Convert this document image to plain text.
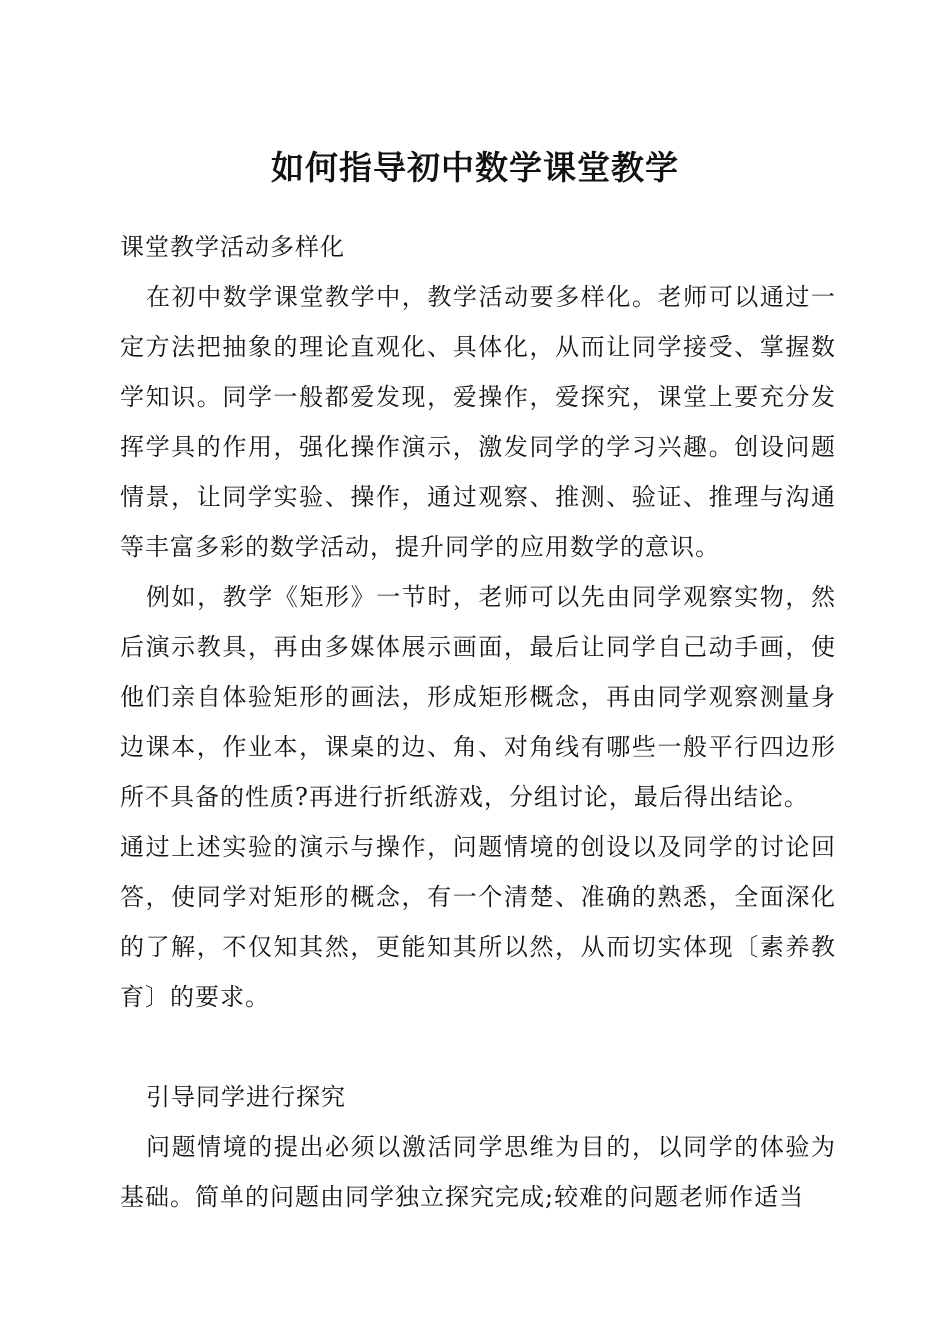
如何指导初中数学课堂教学

课堂教学活动多样化

在初中数学课堂教学中，教学活动要多样化。老师可以通过一定方法把抽象的理论直观化、具体化，从而让同学接受、掌握数学知识。同学一般都爱发现，爱操作，爱探究，课堂上要充分发挥学具的作用，强化操作演示，激发同学的学习兴趣。创设问题情景，让同学实验、操作，通过观察、推测、验证、推理与沟通等丰富多彩的数学活动，提升同学的应用数学的意识。

例如，教学《矩形》一节时，老师可以先由同学观察实物，然后演示教具，再由多媒体展示画面，最后让同学自己动手画，使他们亲自体验矩形的画法，形成矩形概念，再由同学观察测量身边课本，作业本，课桌的边、角、对角线有哪些一般平行四边形所不具备的性质?再进行折纸游戏，分组讨论，最后得出结论。

通过上述实验的演示与操作，问题情境的创设以及同学的讨论回答，使同学对矩形的概念，有一个清楚、准确的熟悉，全面深化的了解，不仅知其然，更能知其所以然，从而切实体现〔素养教育〕的要求。

引导同学进行探究

问题情境的提出必须以激活同学思维为目的，以同学的体验为基础。简单的问题由同学独立探究完成;较难的问题老师作适当
